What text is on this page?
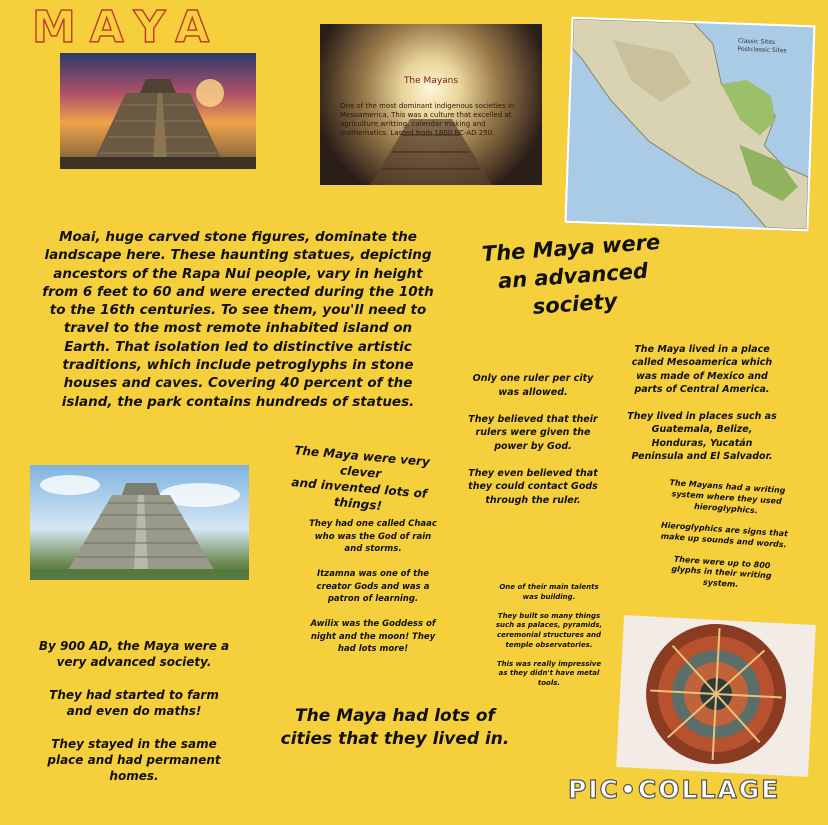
MAYA
The Mayans
One of the most dominant indigenous societies in Mesoamerica. This was a culture that excelled at agriculture,writting, calendar making and mathematics. Lasted from 1800 BC-AD 250.
Classic Sites
Postclassic Sites
Moai, huge carved stone figures, dominate the landscape here. These haunting statues, depicting ancestors of the Rapa Nui people, vary in height from 6 feet to 60 and were erected during the 10th to the 16th centuries. To see them, you'll need to travel to the most remote inhabited island on Earth. That isolation led to distinctive artistic traditions, which include petroglyphs in stone houses and caves. Covering 40 percent of the island, the park contains hundreds of statues.
The Maya were
an advanced
society
Only one ruler per city
was allowed.

They believed that their
rulers were given the
power by God.

They even believed that
they could contact Gods
through the ruler.
The Maya lived in a place
called Mesoamerica which
was made of Mexico and
parts of Central America.

They lived in places such as
Guatemala, Belize,
Honduras, Yucatán
Peninsula and El Salvador.
The Maya were very clever
and invented lots of
things!
They had one called Chaac
who was the God of rain
and storms.

Itzamna was one of the
creator Gods and was a
patron of learning.

Awilix was the Goddess of
night and the moon! They
had lots more!
The Mayans had a writing
system where they used
hieroglyphics.

Hieroglyphics are signs that
make up sounds and words.

There were up to 800
glyphs in their writing
system.
One of their main talents
was building.

They built so many things
such as palaces, pyramids,
ceremonial structures and
temple observatories.

This was really impressive
as they didn't have metal
tools.
By 900 AD, the Maya were a
very advanced society.

They had started to farm
and even do maths!

They stayed in the same
place and had permanent
homes.
The Maya had lots of
cities that they lived in.
PIC•COLLAGE
